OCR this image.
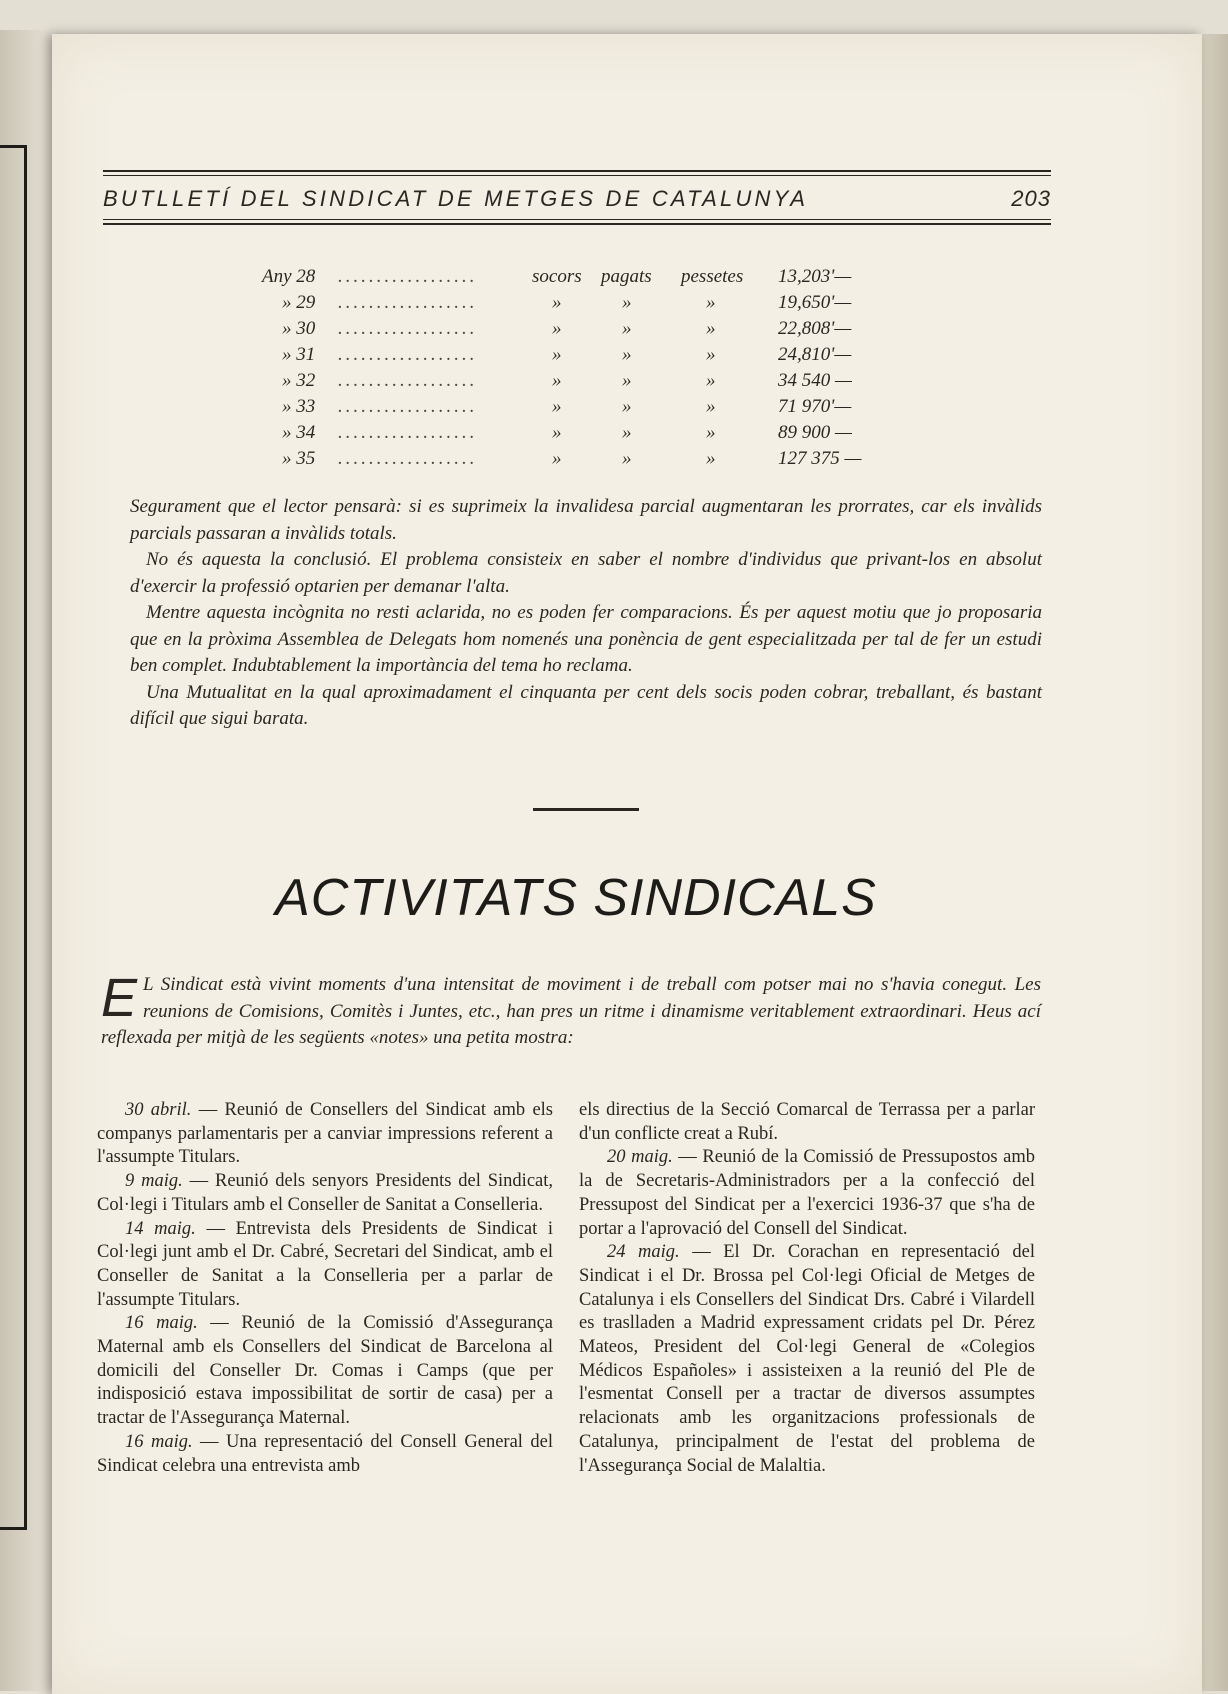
BUTLLETÍ DEL SINDICAT DE METGES DE CATALUNYA	203
Any 28 ..................	socors pagats pessetes 13,203'—
» 29 ..................	»	»	»	19,650'—
» 30 ..................	»	»	»	22,808'—
» 31 ..................	»	»	»	24,810'—
» 32 ..................	»	»	»	34 540 —
» 33 ..................	»	»	»	71 970'—
» 34 ..................	»	»	»	89 900 —
» 35 ..................	»	»	»	127 375 —

Segurament que el lector pensarà: si es suprimeix la invalidesa parcial augmentaran les prorrates, car els invàlids parcials passaran a invàlids totals.

No és aquesta la conclusió. El problema consisteix en saber el nombre d'individus que privant-los en absolut d'exercir la professió optarien per demanar l'alta.

Mentre aquesta incògnita no resti aclarida, no es poden fer comparacions. És per aquest motiu que jo proposaria que en la pròxima Assemblea de Delegats hom nomenés una ponència de gent especialitzada per tal de fer un estudi ben complet. Indubtablement la importància del tema ho reclama.

Una Mutualitat en la qual aproximadament el cinquanta per cent dels socis poden cobrar, treballant, és bastant difícil que sigui barata.

ACTIVITATS SINDICALS
E L Sindicat està vivint moments d'una intensitat de moviment i de treball com potser mai no s'havia conegut. Les reunions de Comisions, Comitès i Juntes, etc., han pres un ritme i dinamisme veritablement extraordinari. Heus ací reflexada per mitjà de les següents «notes» una petita mostra:

30 abril. — Reunió de Consellers del Sindicat amb els companys parlamentaris per a canviar impressions referent a l'assumpte Titulars.

9 maig. — Reunió dels senyors Presidents del Sindicat, Col·legi i Titulars amb el Conseller de Sanitat a Conselleria.

14 maig. — Entrevista dels Presidents de Sindicat i Col·legi junt amb el Dr. Cabré, Secretari del Sindicat, amb el Conseller de Sanitat a la Conselleria per a parlar de l'assumpte Titulars.

16 maig. — Reunió de la Comissió d'Assegurança Maternal amb els Consellers del Sindicat de Barcelona al domicili del Conseller Dr. Comas i Camps (que per indisposició estava impossibilitat de sortir de casa) per a tractar de l'Assegurança Maternal.

16 maig. — Una representació del Consell General del Sindicat celebra una entrevista amb

els directius de la Secció Comarcal de Terrassa per a parlar d'un conflicte creat a Rubí.

20 maig. — Reunió de la Comissió de Pressupostos amb la de Secretaris-Administradors per a la confecció del Pressupost del Sindicat per a l'exercici 1936-37 que s'ha de portar a l'aprovació del Consell del Sindicat.

24 maig. — El Dr. Corachan en representació del Sindicat i el Dr. Brossa pel Col·legi Oficial de Metges de Catalunya i els Consellers del Sindicat Drs. Cabré i Vilardell es traslladen a Madrid expressament cridats pel Dr. Pérez Mateos, President del Col·legi General de «Colegios Médicos Españoles» i assisteixen a la reunió del Ple de l'esmentat Consell per a tractar de diversos assumptes relacionats amb les organitzacions professionals de Catalunya, principalment de l'estat del problema de l'Assegurança Social de Malaltia.
